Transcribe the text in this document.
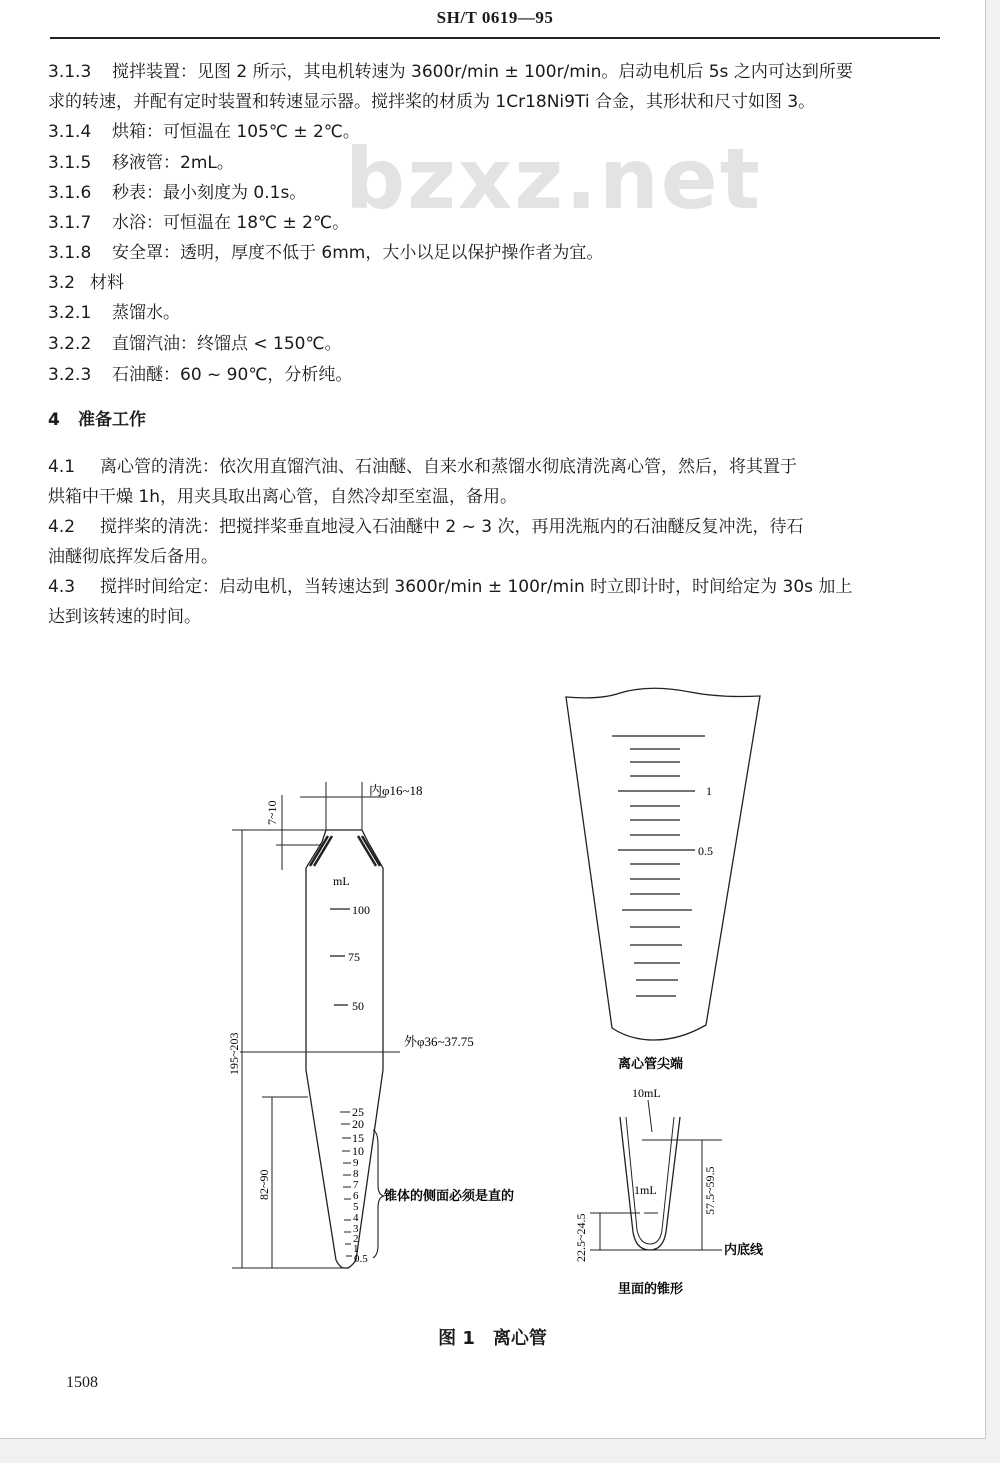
SH/T 0619—95
bzxz.net
3.1.3 搅拌装置：见图 2 所示，其电机转速为 3600r/min ± 100r/min。启动电机后 5s 之内可达到所要
求的转速，并配有定时装置和转速显示器。搅拌桨的材质为 1Cr18Ni9Ti 合金，其形状和尺寸如图 3。
3.1.4 烘箱：可恒温在 105℃ ± 2℃。
3.1.5 移液管：2mL。
3.1.6 秒表：最小刻度为 0.1s。
3.1.7 水浴：可恒温在 18℃ ± 2℃。
3.1.8 安全罩：透明，厚度不低于 6mm，大小以足以保护操作者为宜。
3.2 材料
3.2.1 蒸馏水。
3.2.2 直馏汽油：终馏点 < 150℃。
3.2.3 石油醚：60 ~ 90℃，分析纯。
4 准备工作
4.1 离心管的清洗：依次用直馏汽油、石油醚、自来水和蒸馏水彻底清洗离心管，然后，将其置于
烘箱中干燥 1h，用夹具取出离心管，自然冷却至室温，备用。
4.2 搅拌桨的清洗：把搅拌桨垂直地浸入石油醚中 2 ~ 3 次，再用洗瓶内的石油醚反复冲洗，待石
油醚彻底挥发后备用。
4.3 搅拌时间给定：启动电机，当转速达到 3600r/min ± 100r/min 时立即计时，时间给定为 30s 加上
达到该转速的时间。
7~10
内φ16~18
mL
100
75
50
外φ36~37.75
195~203
82~90
25
20
15
10
9
8
7
6
5
4
3
2
1
0.5
锥体的侧面必须是直的
1
0.5
离心管尖端
10mL
1mL	57.5~59.5
22.5~24.5	内底线
里面的锥形
图 1　离心管
1508
